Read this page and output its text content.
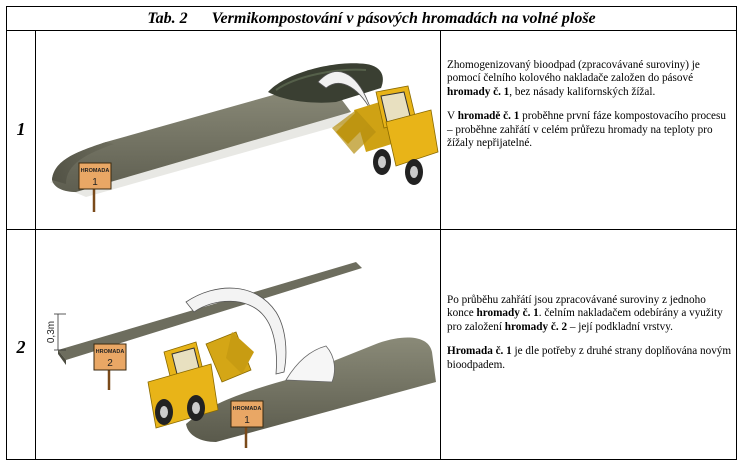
Tab. 2 Vermikompostování v pásových hromadách na volné ploše
1
HROMADA
1

Zhomogenizovaný bioodpad (zpracovávané suroviny) je pomocí čelního kolového nakladače založen do pásové hromady č. 1, bez násady kalifornských žížal.

V hromadě č. 1 proběhne první fáze kompostovacího procesu – proběhne zahřátí v celém průřezu hromady na teploty pro žížaly nepřijatelné.

2
0,3m
HROMADA
2
HROMADA
1

Po průběhu zahřátí jsou zpracovávané suroviny z jednoho konce hromady č. 1. čelním nakladačem odebírány a využity pro založení hromady č. 2 – její podkladní vrstvy.

Hromada č. 1 je dle potřeby z druhé strany doplňována novým bioodpadem.
